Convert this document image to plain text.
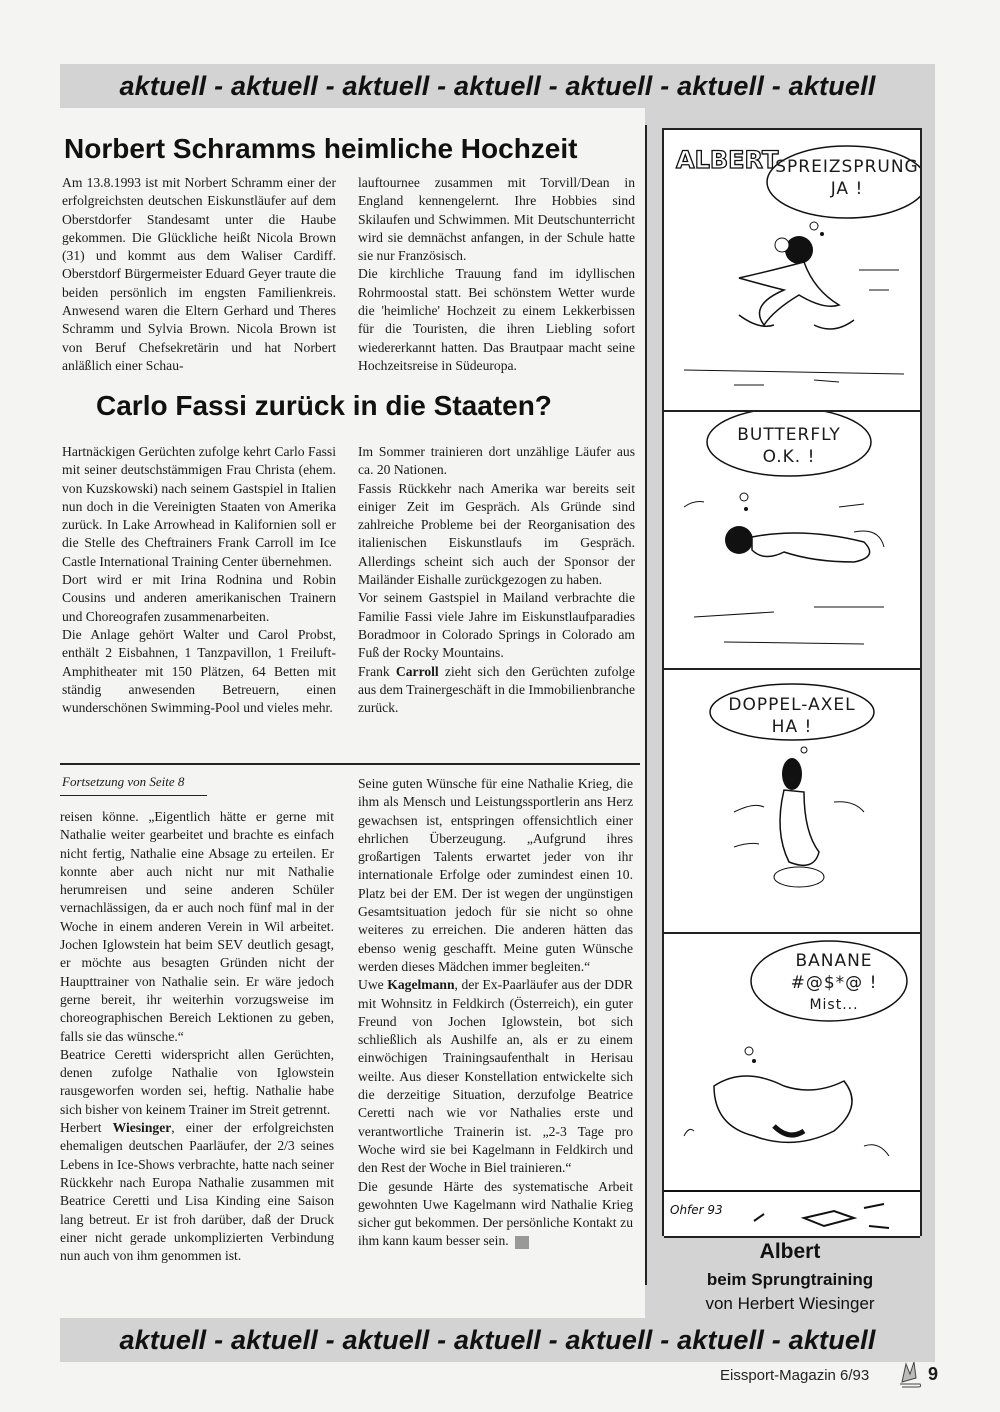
aktuell - aktuell - aktuell - aktuell - aktuell - aktuell - aktuell
Norbert Schramms heimliche Hochzeit

Am 13.8.1993 ist mit Norbert Schramm einer der erfolgreichsten deutschen Eiskunstläufer auf dem Oberstdorfer Standesamt unter die Haube gekommen. Die Glückliche heißt Nicola Brown (31) und kommt aus dem Waliser Cardiff. Oberstdorf Bürgermeister Eduard Geyer traute die beiden persönlich im engsten Familienkreis. Anwesend waren die Eltern Gerhard und Theres Schramm und Sylvia Brown. Nicola Brown ist von Beruf Chefsekretärin und hat Norbert anläßlich einer Schau-

lauftournee zusammen mit Torvill/Dean in England kennengelernt. Ihre Hobbies sind Skilaufen und Schwimmen. Mit Deutschunterricht wird sie demnächst anfangen, in der Schule hatte sie nur Französisch.

Die kirchliche Trauung fand im idyllischen Rohrmoostal statt. Bei schönstem Wetter wurde die 'heimliche' Hochzeit zu einem Lekkerbissen für die Touristen, die ihren Liebling sofort wiedererkannt hatten. Das Brautpaar macht seine Hochzeitsreise in Südeuropa.

Carlo Fassi zurück in die Staaten?

Hartnäckigen Gerüchten zufolge kehrt Carlo Fassi mit seiner deutschstämmigen Frau Christa (ehem. von Kuzskowski) nach seinem Gastspiel in Italien nun doch in die Vereinigten Staaten von Amerika zurück. In Lake Arrowhead in Kalifornien soll er die Stelle des Cheftrainers Frank Carroll im Ice Castle International Training Center übernehmen.

Dort wird er mit Irina Rodnina und Robin Cousins und anderen amerikanischen Trainern und Choreografen zusammenarbeiten.

Die Anlage gehört Walter und Carol Probst, enthält 2 Eisbahnen, 1 Tanzpavillon, 1 Freiluft-Amphitheater mit 150 Plätzen, 64 Betten mit ständig anwesenden Betreuern, einen wunderschönen Swimming-Pool und vieles mehr.

Im Sommer trainieren dort unzählige Läufer aus ca. 20 Nationen.

Fassis Rückkehr nach Amerika war bereits seit einiger Zeit im Gespräch. Als Gründe sind zahlreiche Probleme bei der Reorganisation des italienischen Eiskunstlaufs im Gespräch. Allerdings scheint sich auch der Sponsor der Mailänder Eishalle zurückgezogen zu haben.

Vor seinem Gastspiel in Mailand verbrachte die Familie Fassi viele Jahre im Eiskunstlaufparadies Boradmoor in Colorado Springs in Colorado am Fuß der Rocky Mountains.

Frank Carroll zieht sich den Gerüchten zufolge aus dem Trainergeschäft in die Immobilienbranche zurück.

Fortsetzung von Seite 8

reisen könne. „Eigentlich hätte er gerne mit Nathalie weiter gearbeitet und brachte es einfach nicht fertig, Nathalie eine Absage zu erteilen. Er konnte aber auch nicht nur mit Nathalie herumreisen und seine anderen Schüler vernachlässigen, da er auch noch fünf mal in der Woche in einem anderen Verein in Wil arbeitet. Jochen Iglowstein hat beim SEV deutlich gesagt, er möchte aus besagten Gründen nicht der Haupttrainer von Nathalie sein. Er wäre jedoch gerne bereit, ihr weiterhin vorzugsweise im choreographischen Bereich Lektionen zu geben, falls sie das wünsche.“

Beatrice Ceretti widerspricht allen Gerüchten, denen zufolge Nathalie von Iglowstein rausgeworfen worden sei, heftig. Nathalie habe sich bisher von keinem Trainer im Streit getrennt.

Herbert Wiesinger, einer der erfolgreichsten ehemaligen deutschen Paarläufer, der 2/3 seines Lebens in Ice-Shows verbrachte, hatte nach seiner Rückkehr nach Europa Nathalie zusammen mit Beatrice Ceretti und Lisa Kinding eine Saison lang betreut. Er ist froh darüber, daß der Druck einer nicht gerade unkomplizierten Verbindung nun auch von ihm genommen ist.

Seine guten Wünsche für eine Nathalie Krieg, die ihm als Mensch und Leistungssportlerin ans Herz gewachsen ist, entspringen offensichtlich einer ehrlichen Überzeugung. „Aufgrund ihres großartigen Talents erwartet jeder von ihr internationale Erfolge oder zumindest einen 10. Platz bei der EM. Der ist wegen der ungünstigen Gesamtsituation jedoch für sie nicht so ohne weiteres zu erreichen. Die anderen hätten das ebenso wenig geschafft. Meine guten Wünsche werden dieses Mädchen immer begleiten.“

Uwe Kagelmann, der Ex-Paarläufer aus der DDR mit Wohnsitz in Feldkirch (Österreich), ein guter Freund von Jochen Iglowstein, bot sich schließlich als Aushilfe an, als er zu einem einwöchigen Trainingsaufenthalt in Herisau weilte. Aus dieser Konstellation entwickelte sich die derzeitige Situation, derzufolge Beatrice Ceretti nach wie vor Nathalies erste und verantwortliche Trainerin ist. „2-3 Tage pro Woche wird sie bei Kagelmann in Feldkirch und den Rest der Woche in Biel trainieren.“

Die gesunde Härte des systematische Arbeit gewohnten Uwe Kagelmann wird Nathalie Krieg sicher gut bekommen. Der persönliche Kontakt zu ihm kann kaum besser sein.

ALBERT
SPREIZSPRUNG
JA !
BUTTERFLY
O.K. !
DOPPEL-AXEL
HA !
Ohfer 93
BANANE
#@$*@ !
Mist...
Albert
beim Sprungtraining
von Herbert Wiesinger
aktuell - aktuell - aktuell - aktuell - aktuell - aktuell - aktuell
Eissport-Magazin 6/93	9
